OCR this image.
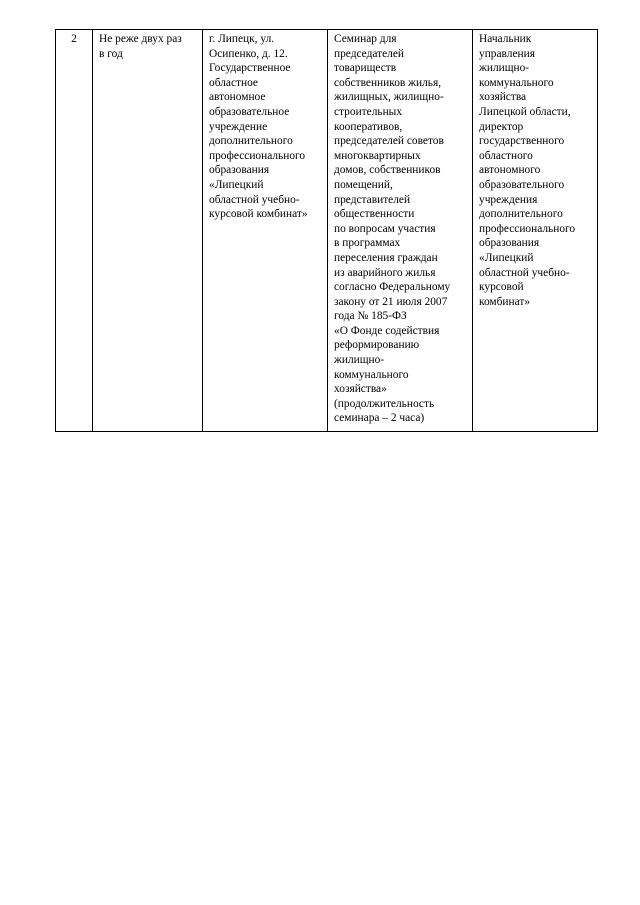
2	Не реже двух раз
в год	г. Липецк, ул.
Осипенко, д. 12.
Государственное
областное
автономное
образовательное
учреждение
дополнительного
профессионального
образования
«Липецкий
областной учебно-
курсовой комбинат»	Семинар для
председателей
товариществ
собственников жилья,
жилищных, жилищно-
строительных
кооперативов,
председателей советов
многоквартирных
домов, собственников
помещений,
представителей
общественности
по вопросам участия
в программах
переселения граждан
из аварийного жилья
согласно Федеральному
закону от 21 июля 2007
года № 185-ФЗ
«О Фонде содействия
реформированию
жилищно-
коммунального
хозяйства»
(продолжительность
семинара – 2 часа)	Начальник
управления
жилищно-
коммунального
хозяйства
Липецкой области,
директор
государственного
областного
автономного
образовательного
учреждения
дополнительного
профессионального
образования
«Липецкий
областной учебно-
курсовой
комбинат»
